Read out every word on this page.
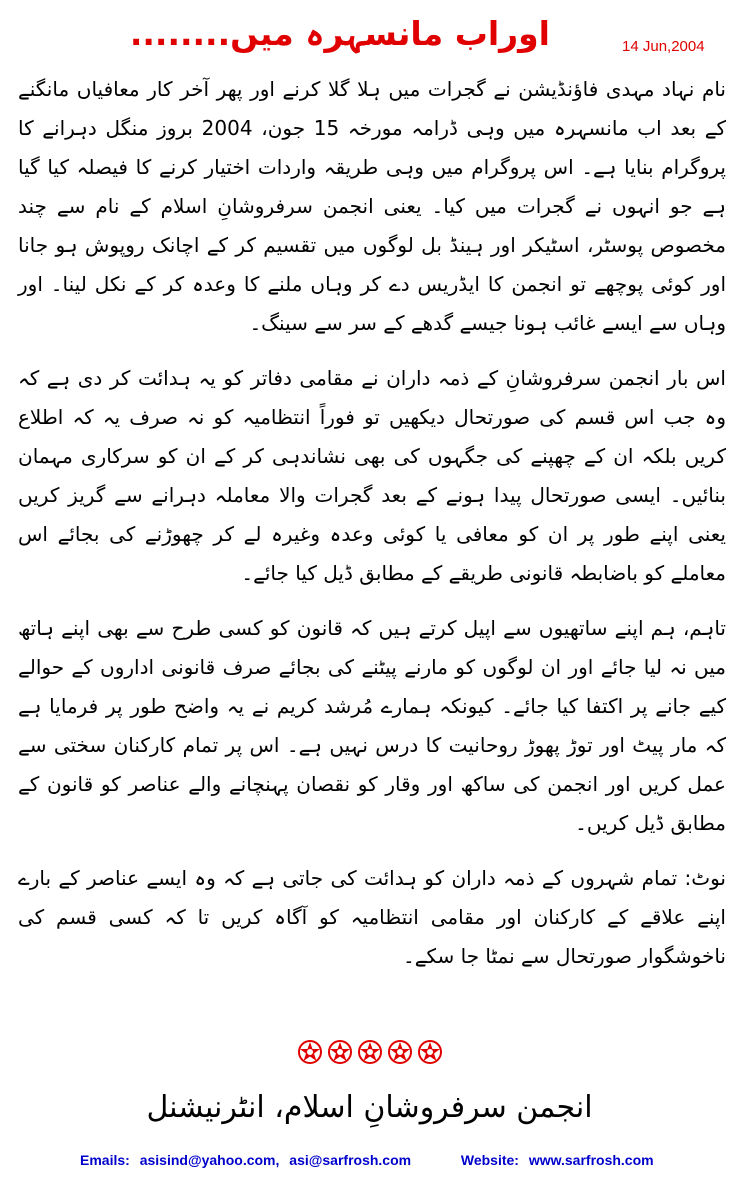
اوراب مانسہرہ میں........	14 Jun,2004

نام نہاد مہدی فاؤنڈیشن نے گجرات میں ہلا گلا کرنے اور پھر آخر کار معافیاں مانگنے کے بعد اب مانسہرہ میں وہی ڈرامہ مورخہ 15 جون، 2004 بروز منگل دہرانے کا پروگرام بنایا ہے۔ اس پروگرام میں وہی طریقہ واردات اختیار کرنے کا فیصلہ کیا گیا ہے جو انہوں نے گجرات میں کیا۔ یعنی انجمن سرفروشانِ اسلام کے نام سے چند مخصوص پوسٹر، اسٹیکر اور ہینڈ بل لوگوں میں تقسیم کر کے اچانک روپوش ہو جانا اور کوئی پوچھے تو انجمن کا ایڈریس دے کر وہاں ملنے کا وعدہ کر کے نکل لینا۔ اور وہاں سے ایسے غائب ہونا جیسے گدھے کے سر سے سینگ۔

اس بار انجمن سرفروشانِ کے ذمہ داران نے مقامی دفاتر کو یہ ہدائت کر دی ہے کہ وہ جب اس قسم کی صورتحال دیکھیں تو فوراً انتظامیہ کو نہ صرف یہ کہ اطلاع کریں بلکہ ان کے چھپنے کی جگہوں کی بھی نشاندہی کر کے ان کو سرکاری مہمان بنائیں۔ ایسی صورتحال پیدا ہونے کے بعد گجرات والا معاملہ دہرانے سے گریز کریں یعنی اپنے طور پر ان کو معافی یا کوئی وعدہ وغیرہ لے کر چھوڑنے کی بجائے اس معاملے کو باضابطہ قانونی طریقے کے مطابق ڈیل کیا جائے۔

تاہم، ہم اپنے ساتھیوں سے اپیل کرتے ہیں کہ قانون کو کسی طرح سے بھی اپنے ہاتھ میں نہ لیا جائے اور ان لوگوں کو مارنے پیٹنے کی بجائے صرف قانونی اداروں کے حوالے کیے جانے پر اکتفا کیا جائے۔ کیونکہ ہمارے مُرشد کریم نے یہ واضح طور پر فرمایا ہے کہ مار پیٹ اور توڑ پھوڑ روحانیت کا درس نہیں ہے۔ اس پر تمام کارکنان سختی سے عمل کریں اور انجمن کی ساکھ اور وقار کو نقصان پہنچانے والے عناصر کو قانون کے مطابق ڈیل کریں۔

نوٹ: تمام شہروں کے ذمہ داران کو ہدائت کی جاتی ہے کہ وہ ایسے عناصر کے بارے اپنے علاقے کے کارکنان اور مقامی انتظامیہ کو آگاہ کریں تا کہ کسی قسم کی ناخوشگوار صورتحال سے نمٹا جا سکے۔

انجمن سرفروشانِ اسلام، انٹرنیشنل
Emails: asisind@yahoo.com, asi@sarfrosh.com	Website: www.sarfrosh.com
